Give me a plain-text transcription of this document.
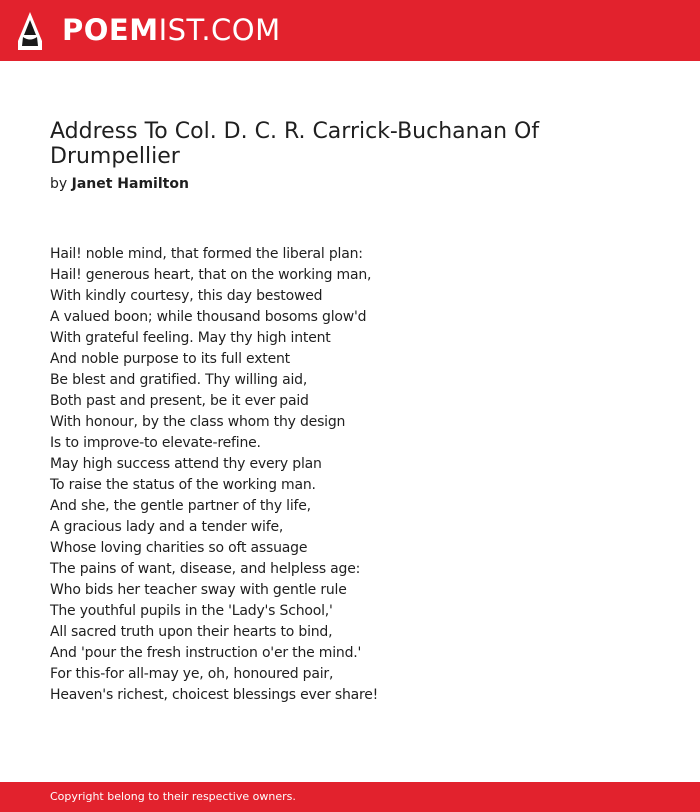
POEMIST.COM
Address To Col. D. C. R. Carrick-Buchanan Of Drumpellier
by Janet Hamilton
Hail! noble mind, that formed the liberal plan:
Hail! generous heart, that on the working man,
With kindly courtesy, this day bestowed
A valued boon; while thousand bosoms glow'd
With grateful feeling. May thy high intent
And noble purpose to its full extent
Be blest and gratified. Thy willing aid,
Both past and present, be it ever paid
With honour, by the class whom thy design
Is to improve-to elevate-refine.
May high success attend thy every plan
To raise the status of the working man.
And she, the gentle partner of thy life,
A gracious lady and a tender wife,
Whose loving charities so oft assuage
The pains of want, disease, and helpless age:
Who bids her teacher sway with gentle rule
The youthful pupils in the 'Lady's School,'
All sacred truth upon their hearts to bind,
And 'pour the fresh instruction o'er the mind.'
For this-for all-may ye, oh, honoured pair,
Heaven's richest, choicest blessings ever share!
Copyright belong to their respective owners.
